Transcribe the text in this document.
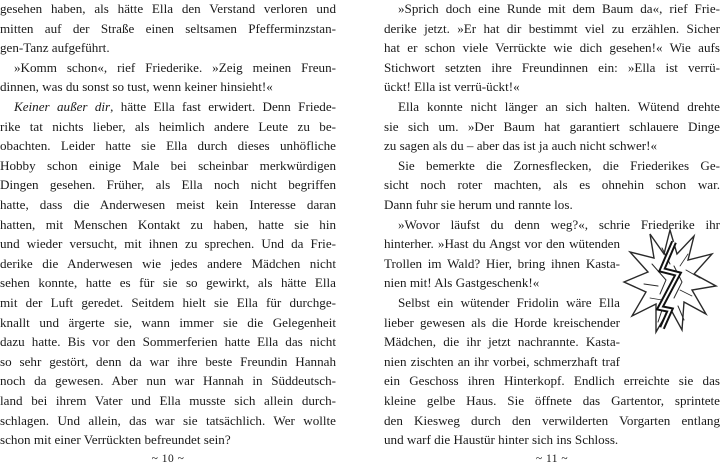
gesehen haben, als hätte Ella den Verstand verloren und
mitten auf der Straße einen seltsamen Pfefferminzstan-
gen-Tanz aufgeführt.
»Komm schon«, rief Friederike. »Zeig meinen Freun-
dinnen, was du sonst so tust, wenn keiner hinsieht!«
Keiner außer dir, hätte Ella fast erwidert. Denn Friede-
rike tat nichts lieber, als heimlich andere Leute zu be-
obachten. Leider hatte sie Ella durch dieses unhöfliche
Hobby schon einige Male bei scheinbar merkwürdigen
Dingen gesehen. Früher, als Ella noch nicht begriffen
hatte, dass die Anderwesen meist kein Interesse daran
hatten, mit Menschen Kontakt zu haben, hatte sie hin
und wieder versucht, mit ihnen zu sprechen. Und da Frie-
derike die Anderwesen wie jedes andere Mädchen nicht
sehen konnte, hatte es für sie so gewirkt, als hätte Ella
mit der Luft geredet. Seitdem hielt sie Ella für durchge-
knallt und ärgerte sie, wann immer sie die Gelegenheit
dazu hatte. Bis vor den Sommerferien hatte Ella das nicht
so sehr gestört, denn da war ihre beste Freundin Hannah
noch da gewesen. Aber nun war Hannah in Süddeutsch-
land bei ihrem Vater und Ella musste sich allein durch-
schlagen. Und allein, das war sie tatsächlich. Wer wollte
schon mit einer Verrückten befreundet sein?
~ 10 ~
»Sprich doch eine Runde mit dem Baum da«, rief Frie-
derike jetzt. »Er hat dir bestimmt viel zu erzählen. Sicher
hat er schon viele Verrückte wie dich gesehen!« Wie aufs
Stichwort setzten ihre Freundinnen ein: »Ella ist verrü-
ückt! Ella ist verrü-ückt!«
Ella konnte nicht länger an sich halten. Wütend drehte
sie sich um. »Der Baum hat garantiert schlauere Dinge
zu sagen als du – aber das ist ja auch nicht schwer!«
Sie bemerkte die Zornesflecken, die Friederikes Ge-
sicht noch roter machten, als es ohnehin schon war.
Dann fuhr sie herum und rannte los.
»Wovor läufst du denn weg?«, schrie Friederike ihr
hinterher. »Hast du Angst vor den wütenden
Trollen im Wald? Hier, bring ihnen Kasta-
nien mit! Als Gastgeschenk!«
Selbst ein wütender Fridolin wäre Ella
lieber gewesen als die Horde kreischender
Mädchen, die ihr jetzt nachrannte. Kasta-
nien zischten an ihr vorbei, schmerzhaft traf
ein Geschoss ihren Hinterkopf. Endlich erreichte sie das
kleine gelbe Haus. Sie öffnete das Gartentor, sprintete
den Kiesweg durch den verwilderten Vorgarten entlang
und warf die Haustür hinter sich ins Schloss.
~ 11 ~
